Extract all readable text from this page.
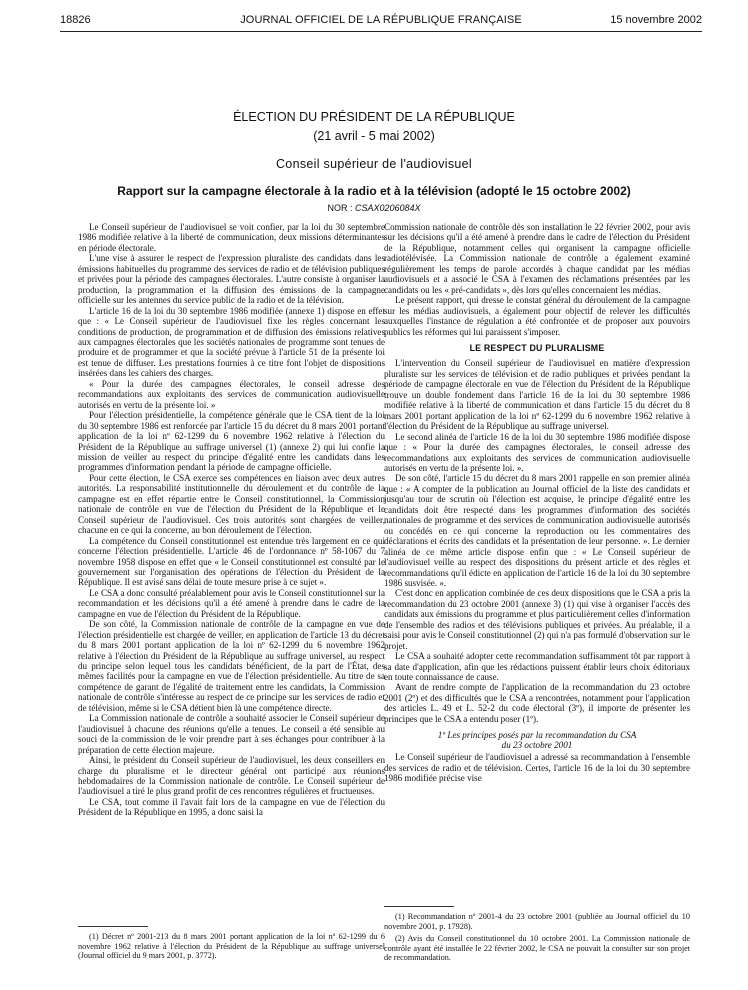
18826	JOURNAL OFFICIEL DE LA RÉPUBLIQUE FRANÇAISE	15 novembre 2002
ÉLECTION DU PRÉSIDENT DE LA RÉPUBLIQUE
(21 avril - 5 mai 2002)
Conseil supérieur de l'audiovisuel
Rapport sur la campagne électorale à la radio et à la télévision (adopté le 15 octobre 2002)
NOR : CSAX0206084X

Le Conseil supérieur de l'audiovisuel se voit confier, par la loi du 30 septembre 1986 modifiée relative à la liberté de communication, deux missions déterminantes en période électorale.

L'une vise à assurer le respect de l'expression pluraliste des candidats dans les émissions habituelles du programme des services de radio et de télévision publiques et privées pour la période des campagnes électorales. L'autre consiste à organiser la production, la programmation et la diffusion des émissions de la campagne officielle sur les antennes du service public de la radio et de la télévision.

L'article 16 de la loi du 30 septembre 1986 modifiée (annexe 1) dispose en effet que : « Le Conseil supérieur de l'audiovisuel fixe les règles concernant les conditions de production, de programmation et de diffusion des émissions relatives aux campagnes électorales que les sociétés nationales de programme sont tenues de produire et de programmer et que la société prévue à l'article 51 de la présente loi est tenue de diffuser. Les prestations fournies à ce titre font l'objet de dispositions insérées dans les cahiers des charges.

« Pour la durée des campagnes électorales, le conseil adresse des recommandations aux exploitants des services de communication audiovisuelle autorisés en vertu de la présente loi. »

Pour l'élection présidentielle, la compétence générale que le CSA tient de la loi du 30 septembre 1986 est renforcée par l'article 15 du décret du 8 mars 2001 portant application de la loi nº 62-1299 du 6 novembre 1962 relative à l'élection du Président de la République au suffrage universel (1) (annexe 2) qui lui confie la mission de veiller au respect du principe d'égalité entre les candidats dans les programmes d'information pendant la période de campagne officielle.

Pour cette élection, le CSA exerce ses compétences en liaison avec deux autres autorités. La responsabilité institutionnelle du déroulement et du contrôle de la campagne est en effet répartie entre le Conseil constitutionnel, la Commission nationale de contrôle en vue de l'élection du Président de la République et le Conseil supérieur de l'audiovisuel. Ces trois autorités sont chargées de veiller, chacune en ce qui la concerne, au bon déroulement de l'élection.

La compétence du Conseil constitutionnel est entendue très largement en ce qui concerne l'élection présidentielle. L'article 46 de l'ordonnance nº 58-1067 du 7 novembre 1958 dispose en effet que « le Conseil constitutionnel est consulté par le gouvernement sur l'organisation des opérations de l'élection du Président de la République. Il est avisé sans délai de toute mesure prise à ce sujet ».

Le CSA a donc consulté préalablement pour avis le Conseil constitutionnel sur la recommandation et les décisions qu'il a été amené à prendre dans le cadre de la campagne en vue de l'élection du Président de la République.

De son côté, la Commission nationale de contrôle de la campagne en vue de l'élection présidentielle est chargée de veiller, en application de l'article 13 du décret du 8 mars 2001 portant application de la loi nº 62-1299 du 6 novembre 1962 relative à l'élection du Président de la République au suffrage universel, au respect du principe selon lequel tous les candidats bénéficient, de la part de l'État, des mêmes facilités pour la campagne en vue de l'élection présidentielle. Au titre de sa compétence de garant de l'égalité de traitement entre les candidats, la Commission nationale de contrôle s'intéresse au respect de ce principe sur les services de radio et de télévision, même si le CSA détient bien là une compétence directe.

La Commission nationale de contrôle a souhaité associer le Conseil supérieur de l'audiovisuel à chacune des réunions qu'elle a tenues. Le conseil a été sensible au souci de la commission de le voir prendre part à ses échanges pour contribuer à la préparation de cette élection majeure.

Ainsi, le président du Conseil supérieur de l'audiovisuel, les deux conseillers en charge du pluralisme et le directeur général ont participé aux réunions hebdomadaires de la Commission nationale de contrôle. Le Conseil supérieur de l'audiovisuel a tiré le plus grand profit de ces rencontres régulières et fructueuses.

Le CSA, tout comme il l'avait fait lors de la campagne en vue de l'élection du Président de la République en 1995, a donc saisi la

Commission nationale de contrôle dès son installation le 22 février 2002, pour avis sur les décisions qu'il a été amené à prendre dans le cadre de l'élection du Président de la République, notamment celles qui organisent la campagne officielle radiotélévisée. La Commission nationale de contrôle a également examiné régulièrement les temps de parole accordés à chaque candidat par les médias audiovisuels et a associé le CSA à l'examen des réclamations présentées par les candidats ou les « pré-candidats », dès lors qu'elles concernaient les médias.

Le présent rapport, qui dresse le constat général du déroulement de la campagne sur les médias audiovisuels, a également pour objectif de relever les difficultés auxquelles l'instance de régulation a été confrontée et de proposer aux pouvoirs publics les réformes qui lui paraissent s'imposer.

LE RESPECT DU PLURALISME

L'intervention du Conseil supérieur de l'audiovisuel en matière d'expression pluraliste sur les services de télévision et de radio publiques et privées pendant la période de campagne électorale en vue de l'élection du Président de la République trouve un double fondement dans l'article 16 de la loi du 30 septembre 1986 modifiée relative à la liberté de communication et dans l'article 15 du décret du 8 mars 2001 portant application de la loi nº 62-1299 du 6 novembre 1962 relative à l'élection du Président de la République au suffrage universel.

Le second alinéa de l'article 16 de la loi du 30 septembre 1986 modifiée dispose que : « Pour la durée des campagnes électorales, le conseil adresse des recommandations aux exploitants des services de communication audiovisuelle autorisés en vertu de la présente loi. ».

De son côté, l'article 15 du décret du 8 mars 2001 rappelle en son premier alinéa que : « A compter de la publication au Journal officiel de la liste des candidats et jusqu'au tour de scrutin où l'élection est acquise, le principe d'égalité entre les candidats doit être respecté dans les programmes d'information des sociétés nationales de programme et des services de communication audiovisuelle autorisés ou concédés en ce qui concerne la reproduction ou les commentaires des déclarations et écrits des candidats et la présentation de leur personne. ». Le dernier alinéa de ce même article dispose enfin que : « Le Conseil supérieur de l'audiovisuel veille au respect des dispositions du présent article et des règles et recommandations qu'il édicte en application de l'article 16 de la loi du 30 septembre 1986 susvisée. ».

C'est donc en application combinée de ces deux dispositions que le CSA a pris la recommandation du 23 octobre 2001 (annexe 3) (1) qui vise à organiser l'accès des candidats aux émissions du programme et plus particulièrement celles d'information de l'ensemble des radios et des télévisions publiques et privées. Au préalable, il a saisi pour avis le Conseil constitutionnel (2) qui n'a pas formulé d'observation sur le projet.

Le CSA a souhaité adopter cette recommandation suffisamment tôt par rapport à sa date d'application, afin que les rédactions puissent établir leurs choix éditoriaux en toute connaissance de cause.

Avant de rendre compte de l'application de la recommandation du 23 octobre 2001 (2º) et des difficultés que le CSA a rencontrées, notamment pour l'application des articles L. 49 et L. 52-2 du code électoral (3º), il importe de présenter les principes que le CSA a entendu poser (1º).

1º Les principes posés par la recommandation du CSA
du 23 octobre 2001

Le Conseil supérieur de l'audiovisuel a adressé sa recommandation à l'ensemble des services de radio et de télévision. Certes, l'article 16 de la loi du 30 septembre 1986 modifiée précise vise

(1) Décret nº 2001-213 du 8 mars 2001 portant application de la loi nº 62-1299 du 6 novembre 1962 relative à l'élection du Président de la République au suffrage universel (Journal officiel du 9 mars 2001, p. 3772).

(1) Recommandation nº 2001-4 du 23 octobre 2001 (publiée au Journal officiel du 10 novembre 2001, p. 17928).

(2) Avis du Conseil constitutionnel du 10 octobre 2001. La Commission nationale de contrôle ayant été installée le 22 février 2002, le CSA ne pouvait la consulter sur son projet de recommandation.
